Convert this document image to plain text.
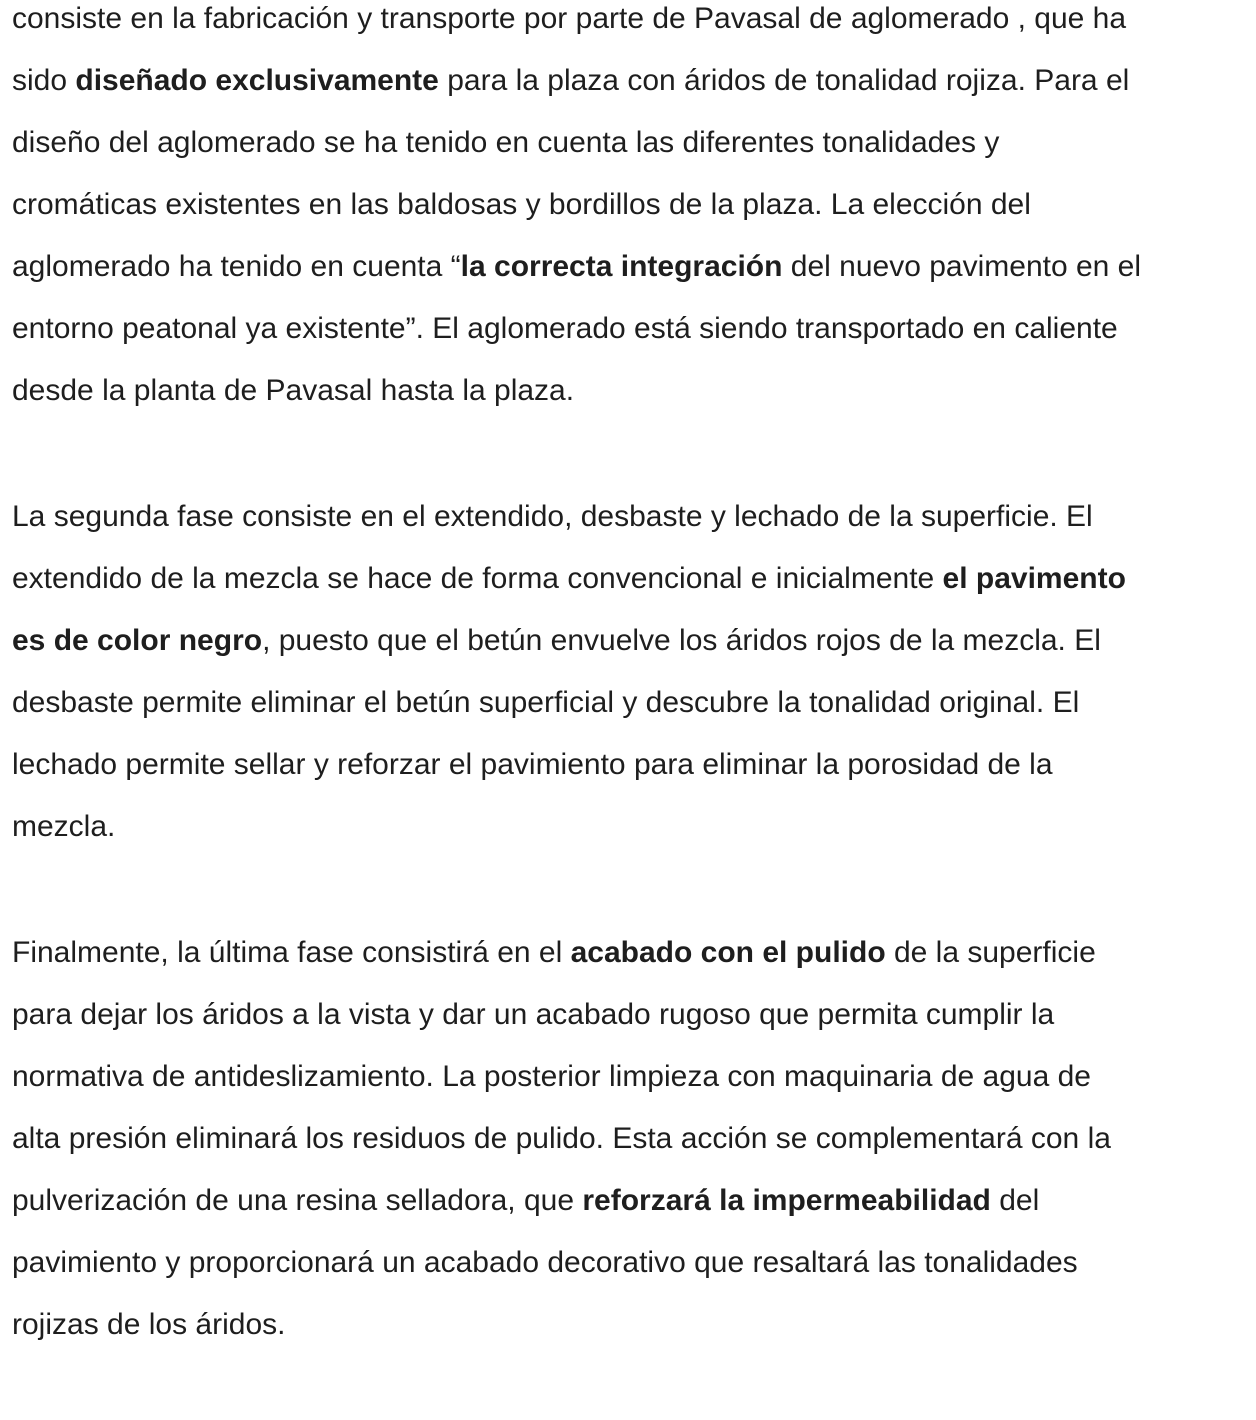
consiste en la fabricación y transporte por parte de Pavasal de aglomerado , que ha
sido diseñado exclusivamente para la plaza con áridos de tonalidad rojiza. Para el
diseño del aglomerado se ha tenido en cuenta las diferentes tonalidades y
cromáticas existentes en las baldosas y bordillos de la plaza. La elección del
aglomerado ha tenido en cuenta “la correcta integración del nuevo pavimento en el
entorno peatonal ya existente”. El aglomerado está siendo transportado en caliente
desde la planta de Pavasal hasta la plaza.
La segunda fase consiste en el extendido, desbaste y lechado de la superficie. El
extendido de la mezcla se hace de forma convencional e inicialmente el pavimento
es de color negro, puesto que el betún envuelve los áridos rojos de la mezcla. El
desbaste permite eliminar el betún superficial y descubre la tonalidad original. El
lechado permite sellar y reforzar el pavimiento para eliminar la porosidad de la
mezcla.
Finalmente, la última fase consistirá en el acabado con el pulido de la superficie
para dejar los áridos a la vista y dar un acabado rugoso que permita cumplir la
normativa de antideslizamiento. La posterior limpieza con maquinaria de agua de
alta presión eliminará los residuos de pulido. Esta acción se complementará con la
pulverización de una resina selladora, que reforzará la impermeabilidad del
pavimiento y proporcionará un acabado decorativo que resaltará las tonalidades
rojizas de los áridos.
